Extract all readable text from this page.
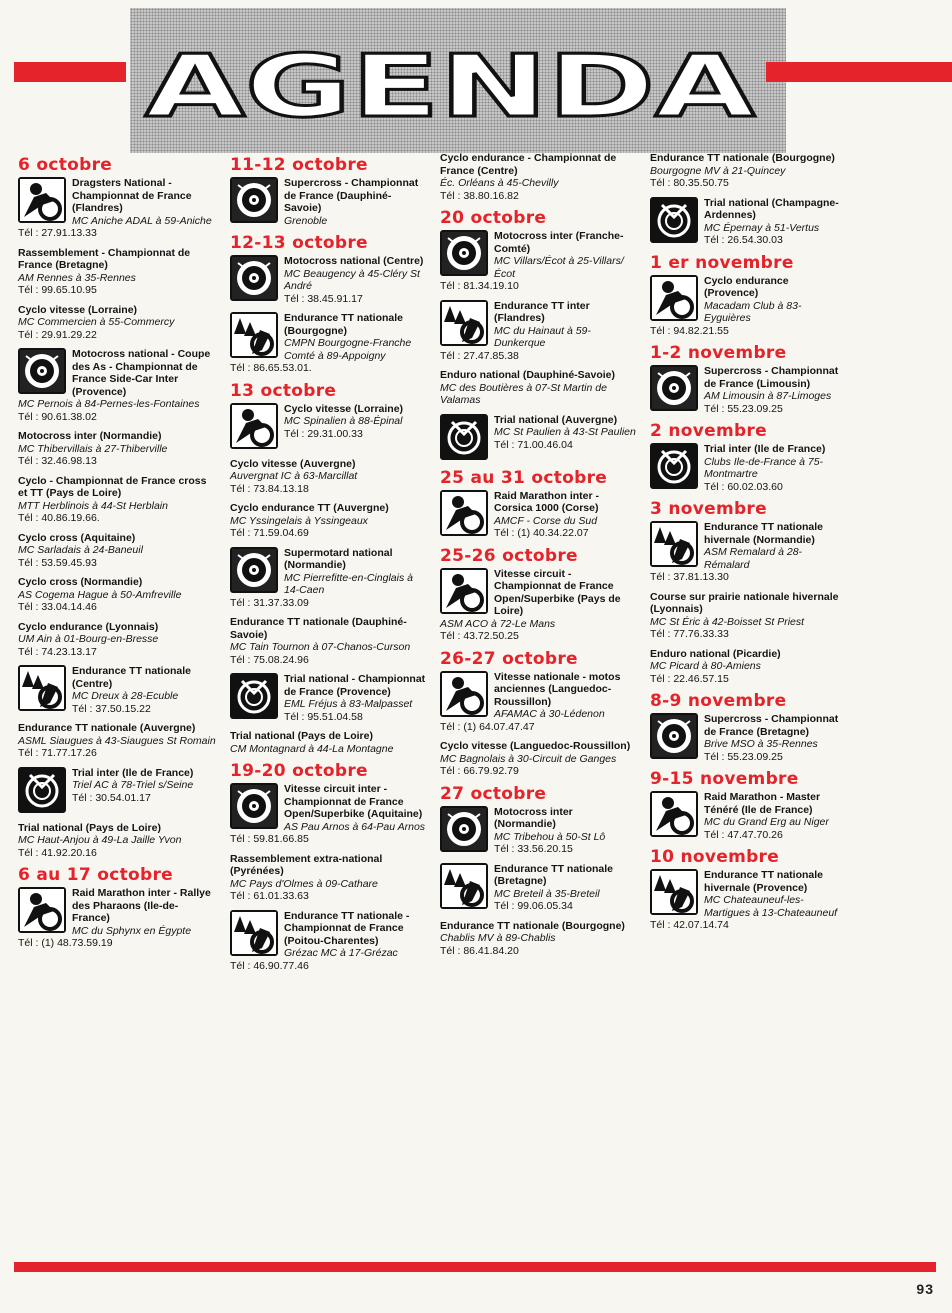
AGENDA
6 octobre
Dragsters National - Championnat de France (Flandres)
MC Aniche ADAL à 59-Aniche
Tél : 27.91.13.33
Rassemblement - Championnat de France (Bretagne)
AM Rennes à 35-Rennes
Tél : 99.65.10.95
Cyclo vitesse (Lorraine)
MC Commercien à 55-Commercy
Tél : 29.91.29.22
Motocross national - Coupe des As - Championnat de France Side-Car Inter (Provence)
MC Pernois à 84-Pernes-les-Fontaines
Tél : 90.61.38.02
Motocross inter (Normandie)
MC Thibervillais à 27-Thiberville
Tél : 32.46.98.13
Cyclo - Championnat de France cross et TT (Pays de Loire)
MTT Herblinois à 44-St Herblain
Tél : 40.86.19.66.
Cyclo cross (Aquitaine)
MC Sarladais à 24-Baneuil
Tél : 53.59.45.93
Cyclo cross (Normandie)
AS Cogema Hague à 50-Amfreville
Tél : 33.04.14.46
Cyclo endurance (Lyonnais)
UM Ain à 01-Bourg-en-Bresse
Tél : 74.23.13.17
Endurance TT nationale (Centre)
MC Dreux à 28-Ecuble
Tél : 37.50.15.22
Endurance TT nationale (Auvergne)
ASML Siaugues à 43-Siaugues St Romain
Tél : 71.77.17.26
Trial inter (Ile de France)
Triel AC à 78-Triel s/Seine
Tél : 30.54.01.17
Trial national (Pays de Loire)
MC Haut-Anjou à 49-La Jaille Yvon
Tél : 41.92.20.16
6 au 17 octobre
Raid Marathon inter - Rallye des Pharaons (Ile-de-France)
MC du Sphynx en Égypte
Tél : (1) 48.73.59.19
11-12 octobre
Supercross - Championnat de France (Dauphiné-Savoie)
Grenoble
12-13 octobre
Motocross national (Centre)
MC Beaugency à 45-Cléry St André
Tél : 38.45.91.17
Endurance TT nationale (Bourgogne)
CMPN Bourgogne-Franche Comté à 89-Appoigny
Tél : 86.65.53.01.
13 octobre
Cyclo vitesse (Lorraine)
MC Spinalien à 88-Épinal
Tél : 29.31.00.33
Cyclo vitesse (Auvergne)
Auvergnat IC à 63-Marcillat
Tél : 73.84.13.18
Cyclo endurance TT (Auvergne)
MC Yssingelais à Yssingeaux
Tél : 71.59.04.69
Supermotard national (Normandie)
MC Pierrefitte-en-Cinglais à 14-Caen
Tél : 31.37.33.09
Endurance TT nationale (Dauphiné-Savoie)
MC Tain Tournon à 07-Chanos-Curson
Tél : 75.08.24.96
Trial national - Championnat de France (Provence)
EML Fréjus à 83-Malpasset
Tél : 95.51.04.58
Trial national (Pays de Loire)
CM Montagnard à 44-La Montagne
19-20 octobre
Vitesse circuit inter - Championnat de France Open/Superbike (Aquitaine)
AS Pau Arnos à 64-Pau Arnos
Tél : 59.81.66.85
Rassemblement extra-national (Pyrénées)
MC Pays d'Olmes à 09-Cathare
Tél : 61.01.33.63
Endurance TT nationale - Championnat de France (Poitou-Charentes)
Grézac MC à 17-Grézac
Tél : 46.90.77.46
Cyclo endurance - Championnat de France (Centre)
Éc. Orléans à 45-Chevilly
Tél : 38.80.16.82
20 octobre
Motocross inter (Franche-Comté)
MC Villars/Écot à 25-Villars/Écot
Tél : 81.34.19.10
Endurance TT inter (Flandres)
MC du Hainaut à 59-Dunkerque
Tél : 27.47.85.38
Enduro national (Dauphiné-Savoie)
MC des Boutières à 07-St Martin de Valamas
Trial national (Auvergne)
MC St Paulien à 43-St Paulien
Tél : 71.00.46.04
25 au 31 octobre
Raid Marathon inter - Corsica 1000 (Corse)
AMCF - Corse du Sud
Tél : (1) 40.34.22.07
25-26 octobre
Vitesse circuit - Championnat de France Open/Superbike (Pays de Loire)
ASM ACO à 72-Le Mans
Tél : 43.72.50.25
26-27 octobre
Vitesse nationale - motos anciennes (Languedoc-Roussillon)
AFAMAC à 30-Lédenon
Tél : (1) 64.07.47.47
Cyclo vitesse (Languedoc-Roussillon)
MC Bagnolais à 30-Circuit de Ganges
Tél : 66.79.92.79
27 octobre
Motocross inter (Normandie)
MC Tribehou à 50-St Lô
Tél : 33.56.20.15
Endurance TT nationale (Bretagne)
MC Breteil à 35-Breteil
Tél : 99.06.05.34
Endurance TT nationale (Bourgogne)
Chablis MV à 89-Chablis
Tél : 86.41.84.20
Endurance TT nationale (Bourgogne)
Bourgogne MV à 21-Quincey
Tél : 80.35.50.75
Trial national (Champagne-Ardennes)
MC Épernay à 51-Vertus
Tél : 26.54.30.03
1 er novembre
Cyclo endurance (Provence)
Macadam Club à 83-Eyguières
Tél : 94.82.21.55
1-2 novembre
Supercross - Championnat de France (Limousin)
AM Limousin à 87-Limoges
Tél : 55.23.09.25
2 novembre
Trial inter (Ile de France)
Clubs Ile-de-France à 75-Montmartre
Tél : 60.02.03.60
3 novembre
Endurance TT nationale hivernale (Normandie)
ASM Remalard à 28-Rémalard
Tél : 37.81.13.30
Course sur prairie nationale hivernale (Lyonnais)
MC St Éric à 42-Boisset St Priest
Tél : 77.76.33.33
Enduro national (Picardie)
MC Picard à 80-Amiens
Tél : 22.46.57.15
8-9 novembre
Supercross - Championnat de France (Bretagne)
Brive MSO à 35-Rennes
Tél : 55.23.09.25
9-15 novembre
Raid Marathon - Master Ténéré (Ile de France)
MC du Grand Erg au Niger
Tél : 47.47.70.26
10 novembre
Endurance TT nationale hivernale (Provence)
MC Chateauneuf-les-Martigues à 13-Chateauneuf
Tél : 42.07.14.74
93
